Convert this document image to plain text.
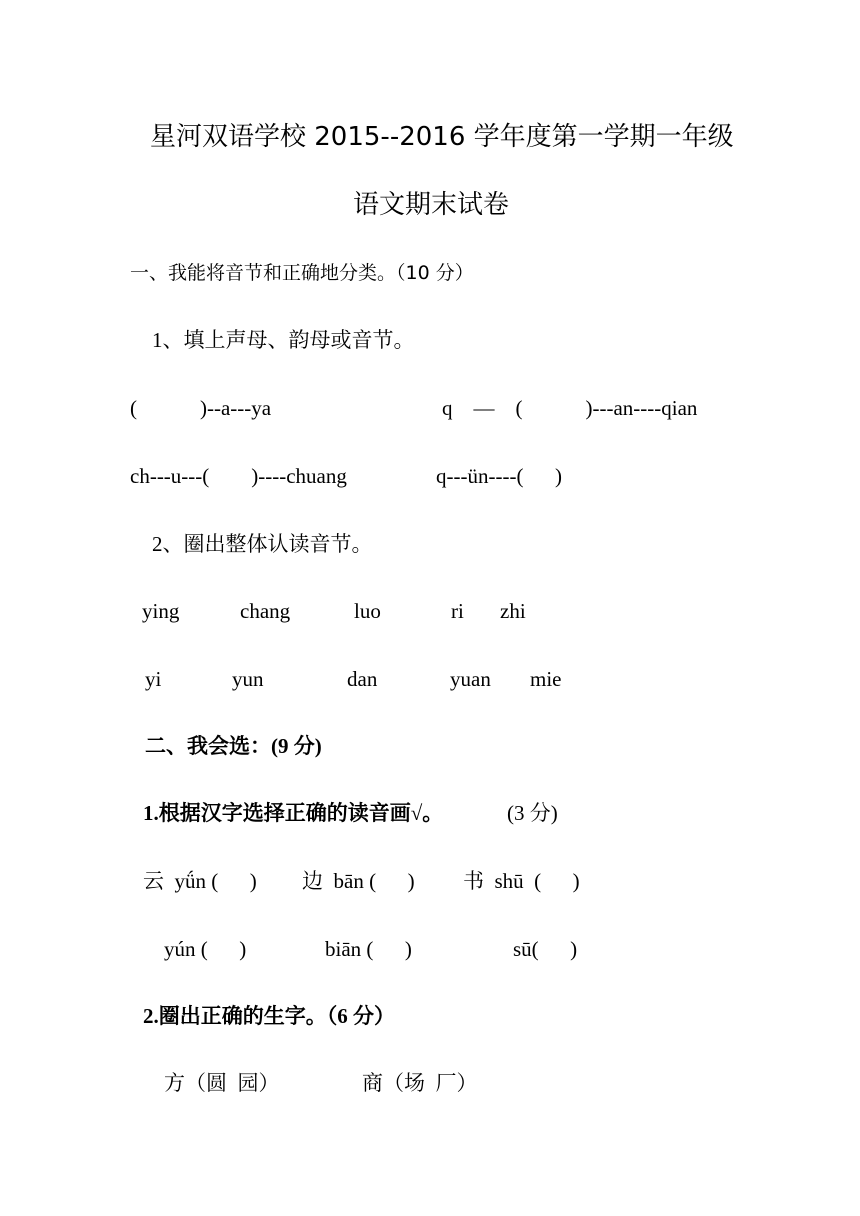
星河双语学校 2015--2016 学年度第一学期一年级
语文期末试卷
一、我能将音节和正确地分类。（10 分）
1、填上声母、韵母或音节。
(            )--a---ya	q    —    (            )---an----qian
ch---u---(        )----chuang	q---ün----(      )
2、圈出整体认读音节。
ying	chang	luo	ri zhi
yi	yun	dan	yuan mie
二、我会选：(9 分)
1.根据汉字选择正确的读音画√。	(3 分)
云  yǘn (      ) 边  bān (      ) 书  shū  (      )
yún (      )	biān (      )	sū(      )
2.圈出正确的生字。（6 分）
方（圆  园）	商（场  厂）
